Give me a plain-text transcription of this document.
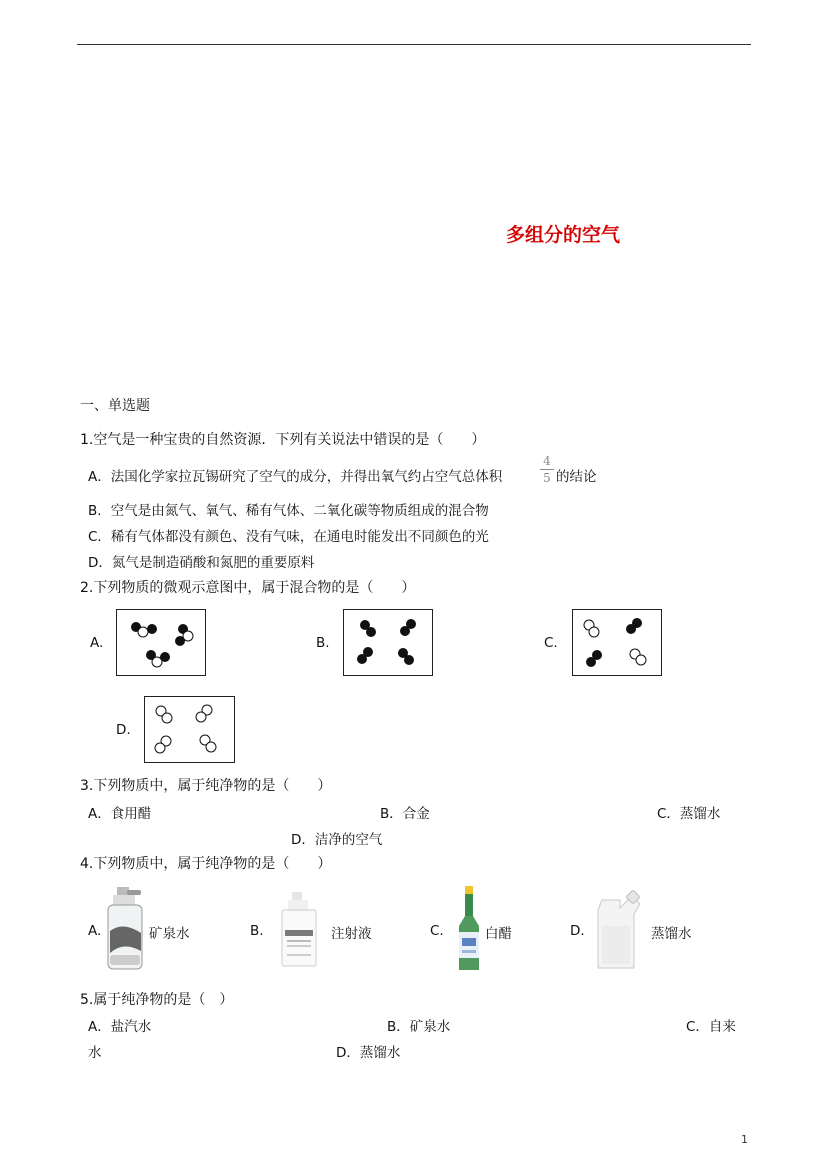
多组分的空气
一、单选题
1.空气是一种宝贵的自然资源．下列有关说法中错误的是（　　）
A．法国化学家拉瓦锡研究了空气的成分，并得出氧气约占空气总体积
4
5 的结论
B．空气是由氮气、氧气、稀有气体、二氧化碳等物质组成的混合物
C．稀有气体都没有颜色、没有气味，在通电时能发出不同颜色的光
D．氮气是制造硝酸和氮肥的重要原料
2.下列物质的微观示意图中，属于混合物的是（　　）
A.	B.	C.
D.
3.下列物质中，属于纯净物的是（　　）
A．食用醋	B．合金	C．蒸馏水
D．洁净的空气
4.下列物质中，属于纯净物的是（　　）
A.	矿泉水	B.	注射液	C.	白醋	D.	蒸馏水
5.属于纯净物的是（　）
A．盐汽水	B．矿泉水	C．自来
水	D．蒸馏水
1
